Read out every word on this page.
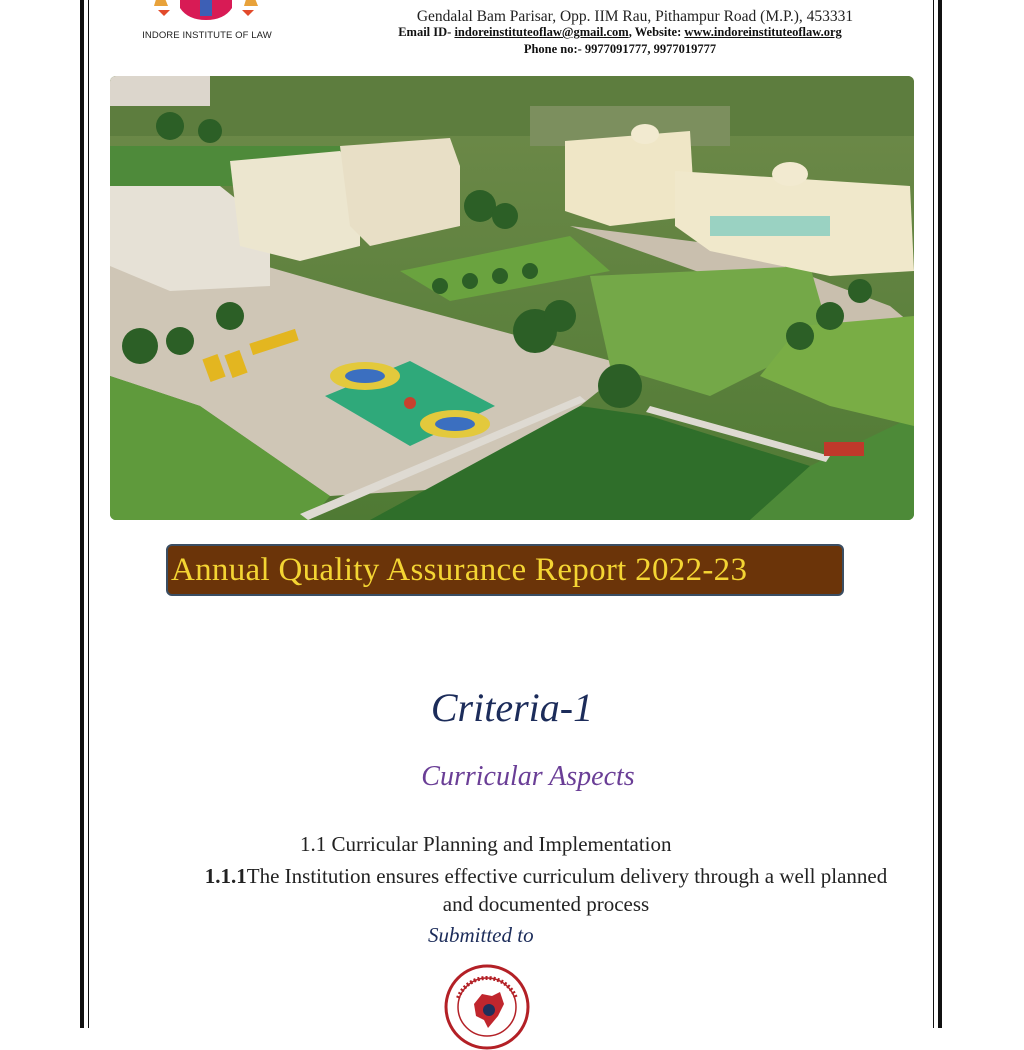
INDORE INSTITUTE OF LAW
Gendalal Bam Parisar, Opp. IIM Rau, Pithampur Road (M.P.), 453331
Email ID- indoreinstituteoflaw@gmail.com, Website: www.indoreinstituteoflaw.org
Phone no:- 9977091777, 9977019777
Annual Quality Assurance Report 2022-23
Criteria-1
Curricular Aspects
1.1 Curricular Planning and Implementation
1.1.1The Institution ensures effective curriculum delivery through a well planned and documented process
Submitted to
